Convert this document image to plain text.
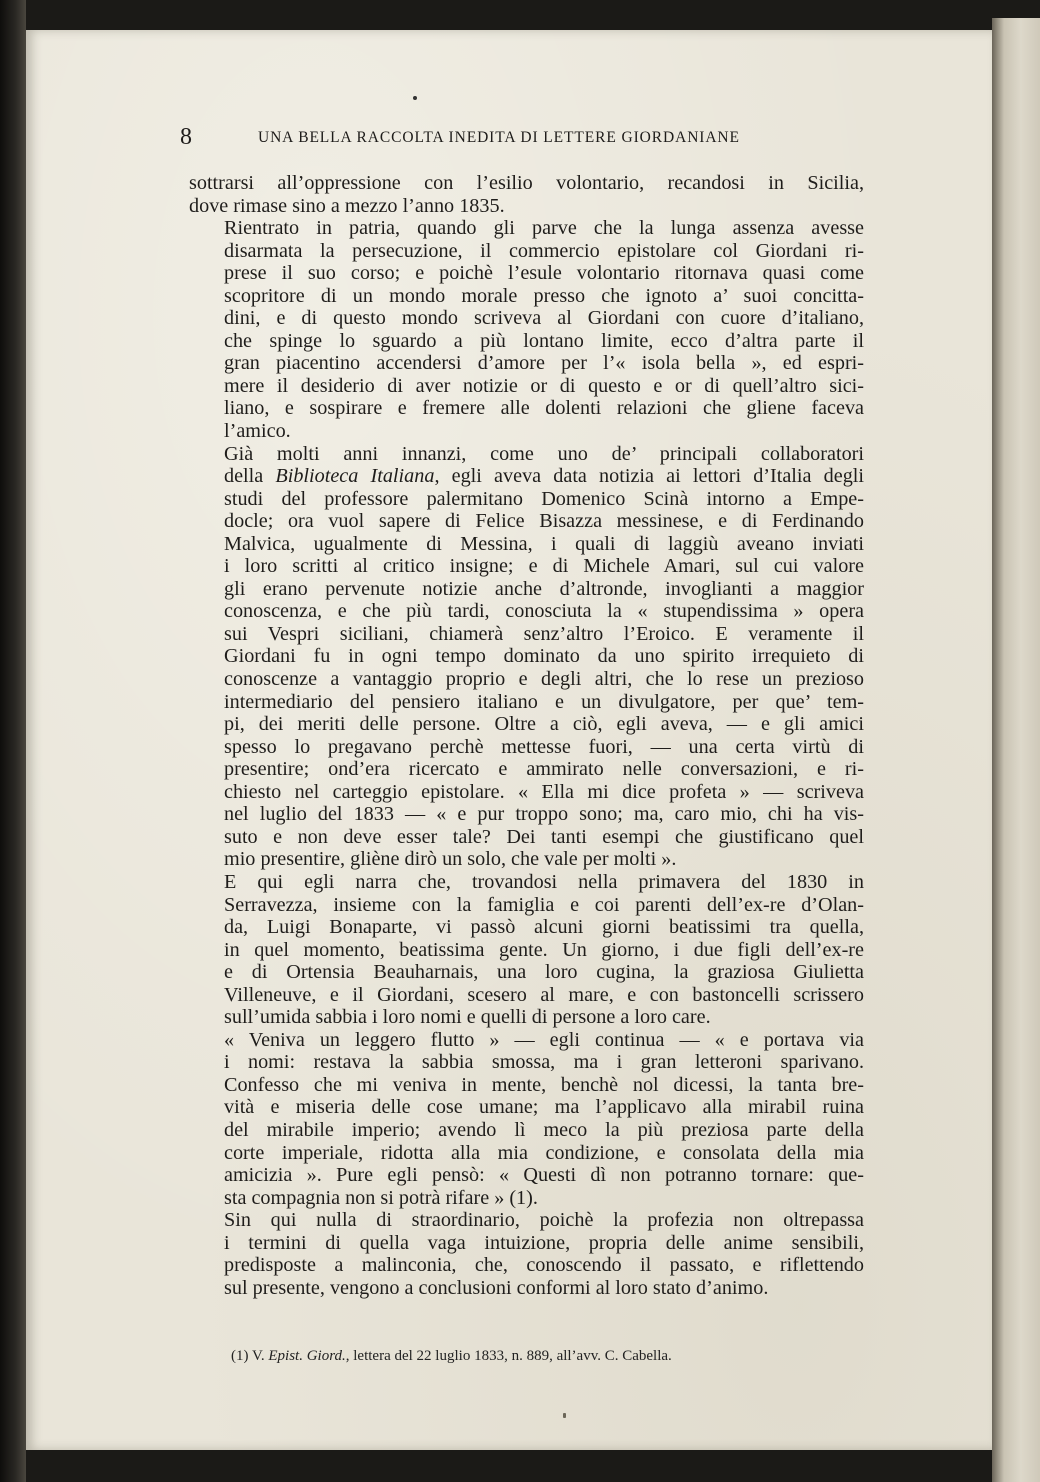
8	UNA BELLA RACCOLTA INEDITA DI LETTERE GIORDANIANE

sottrarsi all’oppressione con l’esilio volontario, recandosi in Sicilia,
dove rimase sino a mezzo l’anno 1835.

Rientrato in patria, quando gli parve che la lunga assenza avesse
disarmata la persecuzione, il commercio epistolare col Giordani ri-
prese il suo corso; e poichè l’esule volontario ritornava quasi come
scopritore di un mondo morale presso che ignoto a’ suoi concitta-
dini, e di questo mondo scriveva al Giordani con cuore d’italiano,
che spinge lo sguardo a più lontano limite, ecco d’altra parte il
gran piacentino accendersi d’amore per l’« isola bella », ed espri-
mere il desiderio di aver notizie or di questo e or di quell’altro sici-
liano, e sospirare e fremere alle dolenti relazioni che gliene faceva
l’amico.

Già molti anni innanzi, come uno de’ principali collaboratori
della Biblioteca Italiana, egli aveva data notizia ai lettori d’Italia degli
studi del professore palermitano Domenico Scinà intorno a Empe-
docle; ora vuol sapere di Felice Bisazza messinese, e di Ferdinando
Malvica, ugualmente di Messina, i quali di laggiù aveano inviati
i loro scritti al critico insigne; e di Michele Amari, sul cui valore
gli erano pervenute notizie anche d’altronde, invoglianti a maggior
conoscenza, e che più tardi, conosciuta la « stupendissima » opera
sui Vespri siciliani, chiamerà senz’altro l’Eroico. E veramente il
Giordani fu in ogni tempo dominato da uno spirito irrequieto di
conoscenze a vantaggio proprio e degli altri, che lo rese un prezioso
intermediario del pensiero italiano e un divulgatore, per que’ tem-
pi, dei meriti delle persone. Oltre a ciò, egli aveva, — e gli amici
spesso lo pregavano perchè mettesse fuori, — una certa virtù di
presentire; ond’era ricercato e ammirato nelle conversazioni, e ri-
chiesto nel carteggio epistolare. « Ella mi dice profeta » — scriveva
nel luglio del 1833 — « e pur troppo sono; ma, caro mio, chi ha vis-
suto e non deve esser tale? Dei tanti esempi che giustificano quel
mio presentire, gliène dirò un solo, che vale per molti ».

E qui egli narra che, trovandosi nella primavera del 1830 in
Serravezza, insieme con la famiglia e coi parenti dell’ex-re d’Olan-
da, Luigi Bonaparte, vi passò alcuni giorni beatissimi tra quella,
in quel momento, beatissima gente. Un giorno, i due figli dell’ex-re
e di Ortensia Beauharnais, una loro cugina, la graziosa Giulietta
Villeneuve, e il Giordani, scesero al mare, e con bastoncelli scrissero
sull’umida sabbia i loro nomi e quelli di persone a loro care.

« Veniva un leggero flutto » — egli continua — « e portava via
i nomi: restava la sabbia smossa, ma i gran letteroni sparivano.
Confesso che mi veniva in mente, benchè nol dicessi, la tanta bre-
vità e miseria delle cose umane; ma l’applicavo alla mirabil ruina
del mirabile imperio; avendo lì meco la più preziosa parte della
corte imperiale, ridotta alla mia condizione, e consolata della mia
amicizia ». Pure egli pensò: « Questi dì non potranno tornare: que-
sta compagnia non si potrà rifare » (1).

Sin qui nulla di straordinario, poichè la profezia non oltrepassa
i termini di quella vaga intuizione, propria delle anime sensibili,
predisposte a malinconia, che, conoscendo il passato, e riflettendo
sul presente, vengono a conclusioni conformi al loro stato d’animo.

(1) V. Epist. Giord., lettera del 22 luglio 1833, n. 889, all’avv. C. Cabella.
